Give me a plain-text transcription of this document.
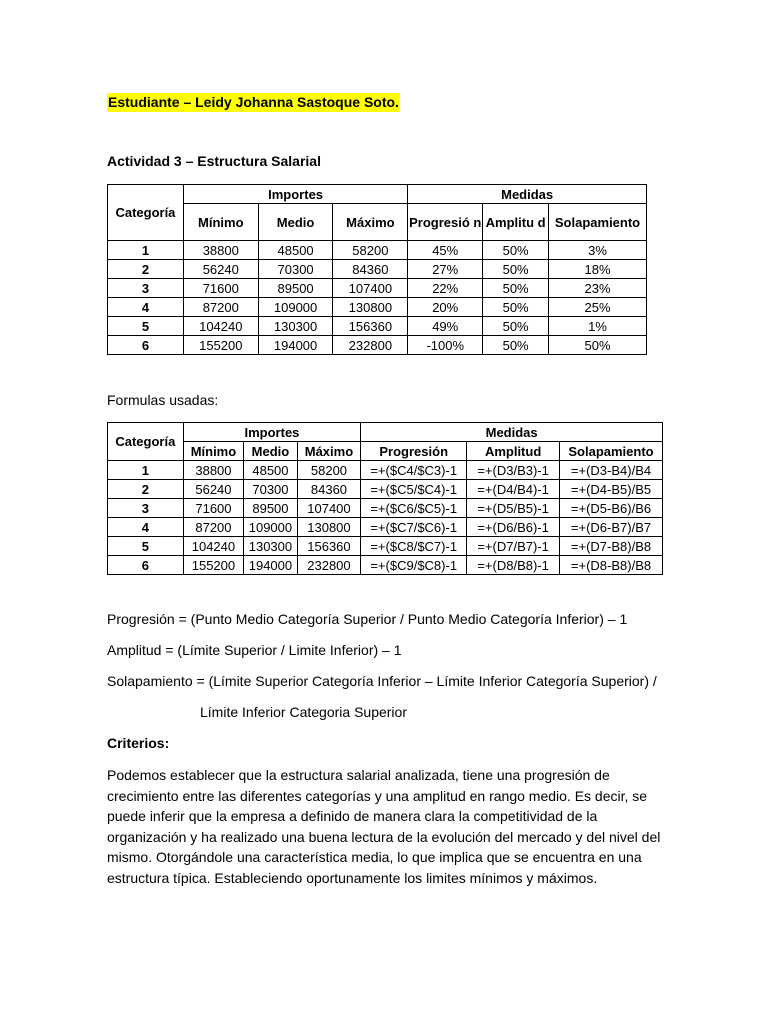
Estudiante – Leidy Johanna Sastoque Soto.
Actividad 3 – Estructura Salarial
Categoría	Importes			Medidas		
	Mínimo	Medio	Máximo	Progresió n	Amplitu d	Solapamiento
1	38800	48500	58200	45%	50%	3%
2	56240	70300	84360	27%	50%	18%
3	71600	89500	107400	22%	50%	23%
4	87200	109000	130800	20%	50%	25%
5	104240	130300	156360	49%	50%	1%
6	155200	194000	232800	-100%	50%	50%
Formulas usadas:
Categoría	Importes			Medidas		
	Mínimo	Medio	Máximo	Progresión	Amplitud	Solapamiento
1	38800	48500	58200	=+($C4/$C3)-1	=+(D3/B3)-1	=+(D3-B4)/B4
2	56240	70300	84360	=+($C5/$C4)-1	=+(D4/B4)-1	=+(D4-B5)/B5
3	71600	89500	107400	=+($C6/$C5)-1	=+(D5/B5)-1	=+(D5-B6)/B6
4	87200	109000	130800	=+($C7/$C6)-1	=+(D6/B6)-1	=+(D6-B7)/B7
5	104240	130300	156360	=+($C8/$C7)-1	=+(D7/B7)-1	=+(D7-B8)/B8
6	155200	194000	232800	=+($C9/$C8)-1	=+(D8/B8)-1	=+(D8-B8)/B8
Progresión = (Punto Medio Categoría Superior / Punto Medio Categoría Inferior) – 1
Amplitud = (Límite Superior / Limite Inferior) – 1
Solapamiento = (Límite Superior Categoría Inferior – Límite Inferior Categoría Superior) /
Límite Inferior Categoria Superior
Criterios:
Podemos establecer que la estructura salarial analizada, tiene una progresión de crecimiento entre las diferentes categorías y una amplitud en rango medio. Es decir, se puede inferir que la empresa a definido de manera clara la competitividad de la organización y ha realizado una buena lectura de la evolución del mercado y del nivel del mismo. Otorgándole una característica media, lo que implica que se encuentra en una estructura típica. Estableciendo oportunamente los limites mínimos y máximos.
